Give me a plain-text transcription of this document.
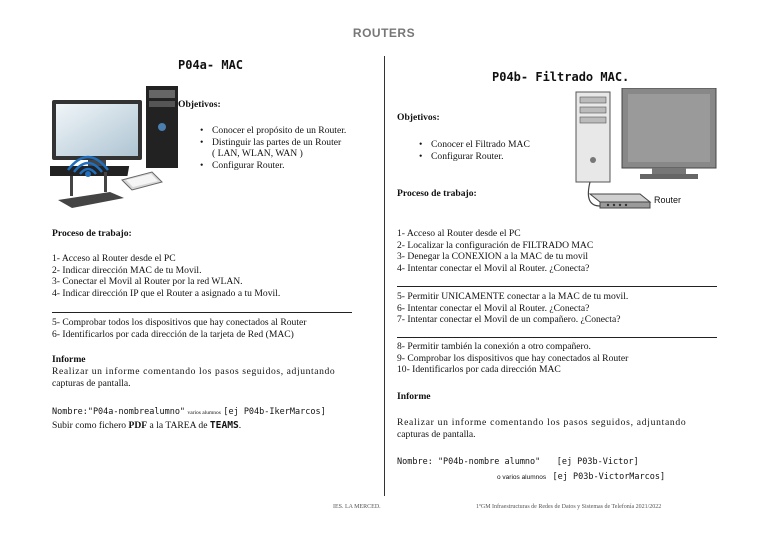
ROUTERS
P04a- MAC
Objetivos:
• Conocer el propósito de un Router.
• Distinguir las partes de un Router
( LAN, WLAN, WAN )
• Configurar Router.
Proceso de trabajo:
1- Acceso al Router desde el PC
2- Indicar dirección MAC de tu Movil.
3- Conectar el Movil al Router por la red WLAN.
4- Indicar dirección IP que el Router a asignado a tu Movil.
5- Comprobar todos los dispositivos que hay conectados al Router
6- Identificarlos por cada dirección de la tarjeta de Red (MAC)
Informe
Realizar un informe comentando los pasos seguidos, adjuntando
capturas de pantalla.
Nombre:"P04a-nombrealumno" varios alumnos [ej P04b-IkerMarcos]
Subir como fichero PDF a la TAREA de TEAMS.
P04b- Filtrado MAC.
Router
Objetivos:
• Conocer el Filtrado MAC
• Configurar Router.
Proceso de trabajo:
1- Acceso al Router desde el PC
2- Localizar la configuración de FILTRADO MAC
3- Denegar la CONEXION a la MAC de tu movil
4- Intentar conectar el Movil al Router. ¿Conecta?
5- Permitir UNICAMENTE conectar a la MAC de tu movil.
6- Intentar conectar el Movil al Router. ¿Conecta?
7- Intentar conectar el Movil de un compañero. ¿Conecta?
8- Permitir también la conexión a otro compañero.
9- Comprobar los dispositivos que hay conectados al Router
10- Identificarlos por cada dirección MAC
Informe
Realizar un informe comentando los pasos seguidos, adjuntando
capturas de pantalla.
Nombre: "P04b-nombre alumno" [ej P03b-Victor]
o varios alumnos [ej P03b-VictorMarcos]
IES. LA MERCED.	1ºGM Infraestructuras de Redes de Datos y Sistemas de Telefonía 2021/2022
